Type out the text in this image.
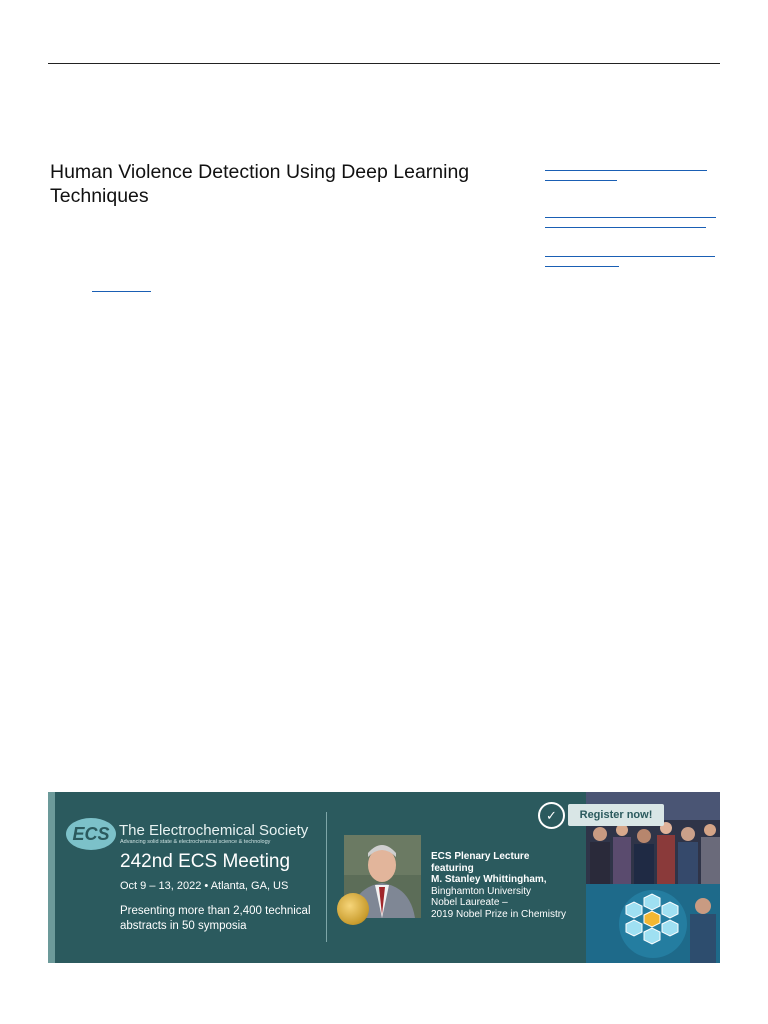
Human Violence Detection Using Deep Learning Techniques
ECS The Electrochemical Society
Advancing solid state & electrochemical science & technology
242nd ECS Meeting
Oct 9 – 13, 2022 • Atlanta, GA, US
Presenting more than 2,400 technical abstracts in 50 symposia
ECS Plenary Lecture
featuring
M. Stanley Whittingham,
Binghamton University
Nobel Laureate –
2019 Nobel Prize in Chemistry
✓	Register now!
